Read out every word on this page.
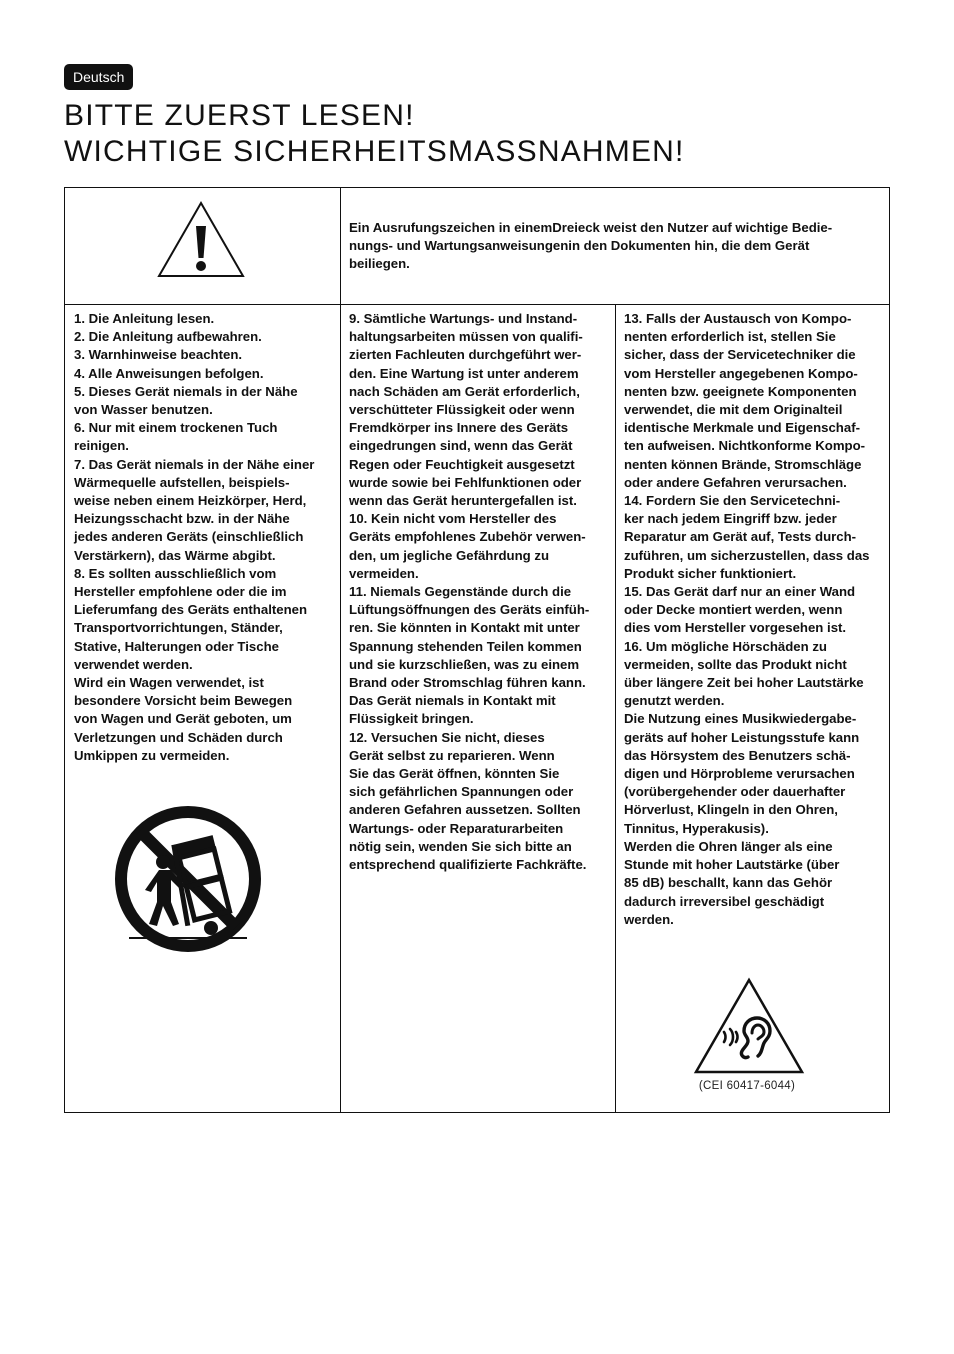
Deutsch
BITTE ZUERST LESEN!
WICHTIGE SICHERHEITSMASSNAHMEN!
Ein Ausrufungszeichen in einemDreieck weist den Nutzer auf wichtige Bedie-
nungs- und Wartungsanweisungenin den Dokumenten hin, die dem Gerät
beiliegen.
1. Die Anleitung lesen.
2. Die Anleitung aufbewahren.
3. Warnhinweise beachten.
4. Alle Anweisungen befolgen.
5. Dieses Gerät niemals in der Nähe
von Wasser benutzen.
6. Nur mit einem trockenen Tuch
reinigen.
7. Das Gerät niemals in der Nähe einer
Wärmequelle aufstellen, beispiels-
weise neben einem Heizkörper, Herd,
Heizungsschacht bzw. in der Nähe
jedes anderen Geräts (einschließlich
Verstärkern), das Wärme abgibt.
8. Es sollten ausschließlich vom
Hersteller empfohlene oder die im
Lieferumfang des Geräts enthaltenen
Transportvorrichtungen, Ständer,
Stative, Halterungen oder Tische
verwendet werden.
Wird ein Wagen verwendet, ist
besondere Vorsicht beim Bewegen
von Wagen und Gerät geboten, um
Verletzungen und Schäden durch
Umkippen zu vermeiden.
9. Sämtliche Wartungs- und Instand-
haltungsarbeiten müssen von qualifi-
zierten Fachleuten durchgeführt wer-
den. Eine Wartung ist unter anderem
nach Schäden am Gerät erforderlich,
verschütteter Flüssigkeit oder wenn
Fremdkörper ins Innere des Geräts
eingedrungen sind, wenn das Gerät
Regen oder Feuchtigkeit ausgesetzt
wurde sowie bei Fehlfunktionen oder
wenn das Gerät heruntergefallen ist.
10. Kein nicht vom Hersteller des
Geräts empfohlenes Zubehör verwen-
den, um jegliche Gefährdung zu
vermeiden.
11. Niemals Gegenstände durch die
Lüftungsöffnungen des Geräts einfüh-
ren. Sie könnten in Kontakt mit unter
Spannung stehenden Teilen kommen
und sie kurzschließen, was zu einem
Brand oder Stromschlag führen kann.
Das Gerät niemals in Kontakt mit
Flüssigkeit bringen.
12. Versuchen Sie nicht, dieses
Gerät selbst zu reparieren. Wenn
Sie das Gerät öffnen, könnten Sie
sich gefährlichen Spannungen oder
anderen Gefahren aussetzen. Sollten
Wartungs- oder Reparaturarbeiten
nötig sein, wenden Sie sich bitte an
entsprechend qualifizierte Fachkräfte.
13. Falls der Austausch von Kompo-
nenten erforderlich ist, stellen Sie
sicher, dass der Servicetechniker die
vom Hersteller angegebenen Kompo-
nenten bzw. geeignete Komponenten
verwendet, die mit dem Originalteil
identische Merkmale und Eigenschaf-
ten aufweisen. Nichtkonforme Kompo-
nenten können Brände, Stromschläge
oder andere Gefahren verursachen.
14. Fordern Sie den Servicetechni-
ker nach jedem Eingriff bzw. jeder
Reparatur am Gerät auf, Tests durch-
zuführen, um sicherzustellen, dass das
Produkt sicher funktioniert.
15. Das Gerät darf nur an einer Wand
oder Decke montiert werden, wenn
dies vom Hersteller vorgesehen ist.
16. Um mögliche Hörschäden zu
vermeiden, sollte das Produkt nicht
über längere Zeit bei hoher Lautstärke
genutzt werden.
Die Nutzung eines Musikwiedergabe-
geräts auf hoher Leistungsstufe kann
das Hörsystem des Benutzers schä-
digen und Hörprobleme verursachen
(vorübergehender oder dauerhafter
Hörverlust, Klingeln in den Ohren,
Tinnitus, Hyperakusis).
Werden die Ohren länger als eine
Stunde mit hoher Lautstärke (über
85 dB) beschallt, kann das Gehör
dadurch irreversibel geschädigt
werden.
(CEI 60417-6044)
